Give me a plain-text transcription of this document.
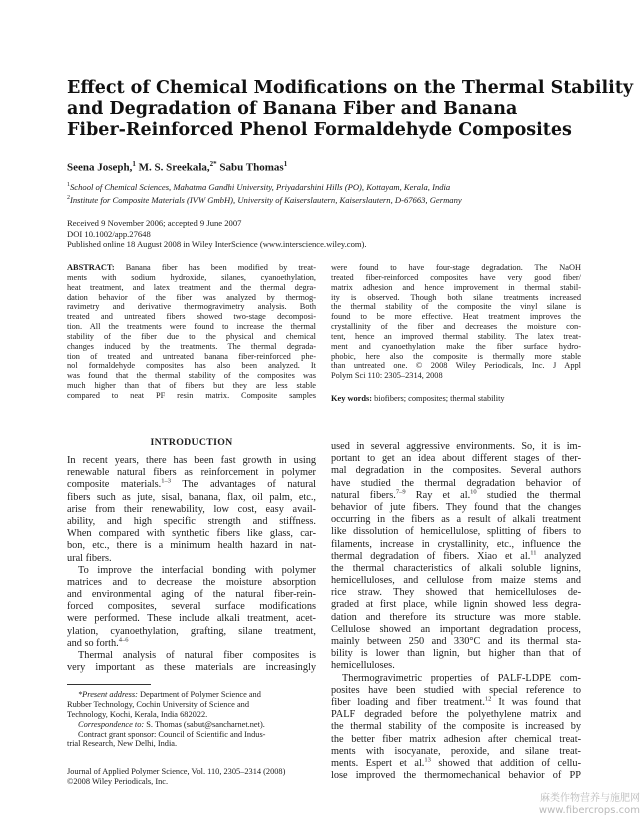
Effect of Chemical Modifications on the Thermal Stability
and Degradation of Banana Fiber and Banana
Fiber-Reinforced Phenol Formaldehyde Composites
Seena Joseph,$^1$ M. S. Sreekala,$^{2*}$ Sabu Thomas$^1$
$^1$School of Chemical Sciences, Mahatma Gandhi University, Priyadarshini Hills (PO), Kottayam, Kerala, India
$^2$Institute for Composite Materials (IVW GmbH), University of Kaiserslautern, Kaiserslautern, D-67663, Germany
Received 9 November 2006; accepted 9 June 2007
DOI 10.1002/app.27648
Published online 18 August 2008 in Wiley InterScience (www.interscience.wiley.com).
ABSTRACT: Banana fiber has been modified by treat-
ments with sodium hydroxide, silanes, cyanoethylation,
heat treatment, and latex treatment and the thermal degra-
dation behavior of the fiber was analyzed by thermog-
ravimetry and derivative thermogravimetry analysis. Both
treated and untreated fibers showed two-stage decomposi-
tion. All the treatments were found to increase the thermal
stability of the fiber due to the physical and chemical
changes induced by the treatments. The thermal degrada-
tion of treated and untreated banana fiber-reinforced phe-
nol formaldehyde composites has also been analyzed. It
was found that the thermal stability of the composites was
much higher than that of fibers but they are less stable
compared to neat PF resin matrix. Composite samples
were found to have four-stage degradation. The NaOH
treated fiber-reinforced composites have very good fiber/
matrix adhesion and hence improvement in thermal stabil-
ity is observed. Though both silane treatments increased
the thermal stability of the composite the vinyl silane is
found to be more effective. Heat treatment improves the
crystallinity of the fiber and decreases the moisture con-
tent, hence an improved thermal stability. The latex treat-
ment and cyanoethylation make the fiber surface hydro-
phobic, here also the composite is thermally more stable
than untreated one. © 2008 Wiley Periodicals, Inc. J Appl
Polym Sci 110: 2305–2314, 2008
Key words: biofibers; composites; thermal stability
INTRODUCTION
In recent years, there has been fast growth in using
renewable natural fibers as reinforcement in polymer
composite materials.$^{1-3}$ The advantages of natural
fibers such as jute, sisal, banana, flax, oil palm, etc.,
arise from their renewability, low cost, easy avail-
ability, and high specific strength and stiffness.
When compared with synthetic fibers like glass, car-
bon, etc., there is a minimum health hazard in nat-
ural fibers.
To improve the interfacial bonding with polymer
matrices and to decrease the moisture absorption
and environmental aging of the natural fiber-rein-
forced composites, several surface modifications
were performed. These include alkali treatment, acet-
ylation, cyanoethylation, grafting, silane treatment,
and so forth.$^{4-6}$
Thermal analysis of natural fiber composites is
very important as these materials are increasingly
*Present address: Department of Polymer Science and
Rubber Technology, Cochin University of Science and
Technology, Kochi, Kerala, India 682022.
Correspondence to: S. Thomas (sabut@sancharnet.net).
Contract grant sponsor: Council of Scientific and Indus-
trial Research, New Delhi, India.
Journal of Applied Polymer Science, Vol. 110, 2305–2314 (2008)
©2008 Wiley Periodicals, Inc.
used in several aggressive environments. So, it is im-
portant to get an idea about different stages of ther-
mal degradation in the composites. Several authors
have studied the thermal degradation behavior of
natural fibers.$^{7-9}$ Ray et al.$^{10}$ studied the thermal
behavior of jute fibers. They found that the changes
occurring in the fibers as a result of alkali treatment
like dissolution of hemicellulose, splitting of fibers to
filaments, increase in crystallinity, etc., influence the
thermal degradation of fibers. Xiao et al.$^{11}$ analyzed
the thermal characteristics of alkali soluble lignins,
hemicelluloses, and cellulose from maize stems and
rice straw. They showed that hemicelluloses de-
graded at first place, while lignin showed less degra-
dation and therefore its structure was more stable.
Cellulose showed an important degradation process,
mainly between 250 and 330°C and its thermal sta-
bility is lower than lignin, but higher than that of
hemicelluloses.
Thermogravimetric properties of PALF-LDPE com-
posites have been studied with special reference to
fiber loading and fiber treatment.$^{12}$ It was found that
PALF degraded before the polyethylene matrix and
the thermal stability of the composite is increased by
the better fiber matrix adhesion after chemical treat-
ments with isocyanate, peroxide, and silane treat-
ments. Espert et al.$^{13}$ showed that addition of cellu-
lose improved the thermomechanical behavior of PP
麻类作物营养与施肥网
www.fibercrops.com
